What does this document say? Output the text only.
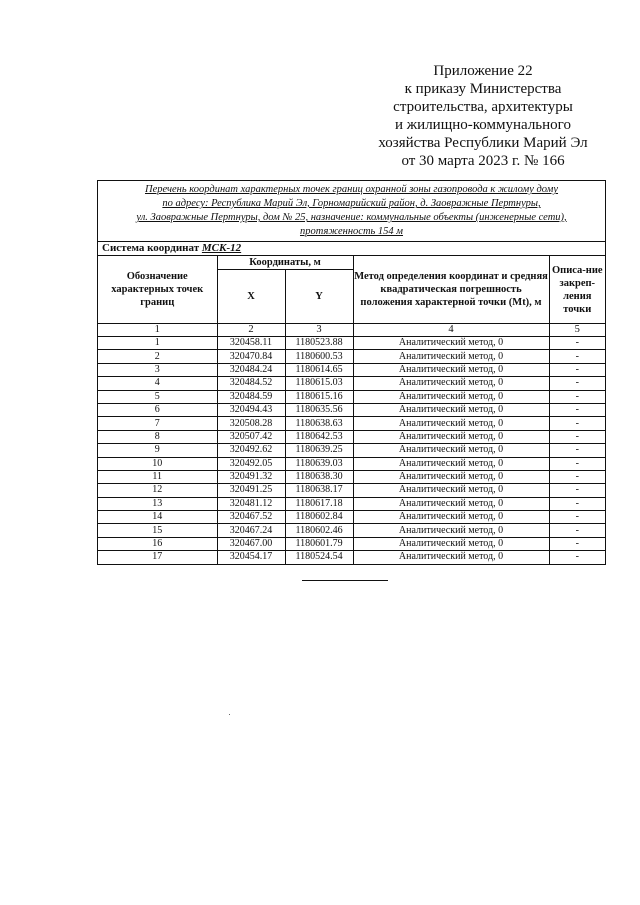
Приложение 22
к приказу Министерства
строительства, архитектуры
и жилищно-коммунального
хозяйства Республики Марий Эл
от 30 марта 2023 г. № 166
Перечень координат характерных точек границ охранной зоны газопровода к жилому дому
по адресу: Республика Марий Эл, Горномарийский район, д. Заовражные Пертнуры,
ул. Заовражные Пертнуры, дом № 25, назначение: коммунальные объекты (инженерные сети),
протяженность 154 м
Система координат МСК-12
Обозначение характерных точек границ	Координаты, м		Метод определения координат и средняя квадратическая погрешность положения характерной точки (Mt), м	Описа-ние закреп-ления точки
	X	Y		
1	2	3	4	5
1	320458.11	1180523.88	Аналитический метод, 0	-
2	320470.84	1180600.53	Аналитический метод, 0	-
3	320484.24	1180614.65	Аналитический метод, 0	-
4	320484.52	1180615.03	Аналитический метод, 0	-
5	320484.59	1180615.16	Аналитический метод, 0	-
6	320494.43	1180635.56	Аналитический метод, 0	-
7	320508.28	1180638.63	Аналитический метод, 0	-
8	320507.42	1180642.53	Аналитический метод, 0	-
9	320492.62	1180639.25	Аналитический метод, 0	-
10	320492.05	1180639.03	Аналитический метод, 0	-
11	320491.32	1180638.30	Аналитический метод, 0	-
12	320491.25	1180638.17	Аналитический метод, 0	-
13	320481.12	1180617.18	Аналитический метод, 0	-
14	320467.52	1180602.84	Аналитический метод, 0	-
15	320467.24	1180602.46	Аналитический метод, 0	-
16	320467.00	1180601.79	Аналитический метод, 0	-
17	320454.17	1180524.54	Аналитический метод, 0	-
